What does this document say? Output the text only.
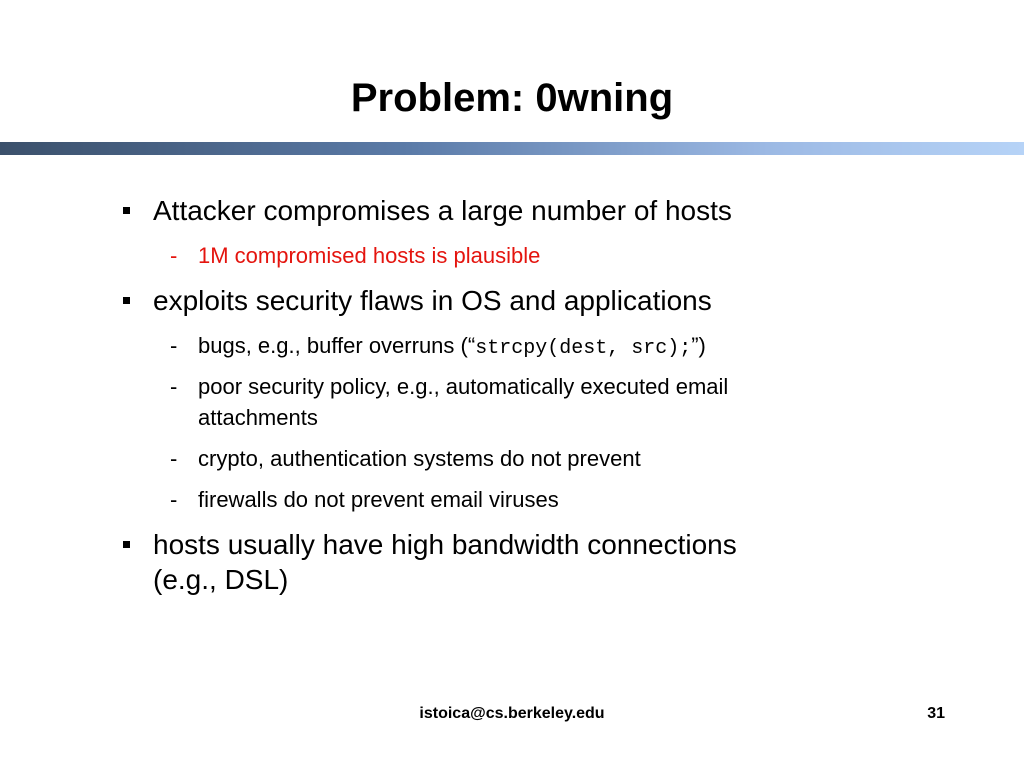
Problem: 0wning
Attacker compromises a large number of hosts
- 1M compromised hosts is plausible
exploits security flaws in OS and applications
- bugs, e.g., buffer overruns (“strcpy(dest, src);”)
- poor security policy, e.g., automatically executed email
attachments
- crypto, authentication systems do not prevent
- firewalls do not prevent email viruses
hosts usually have high bandwidth connections
(e.g., DSL)
istoica@cs.berkeley.edu	31
